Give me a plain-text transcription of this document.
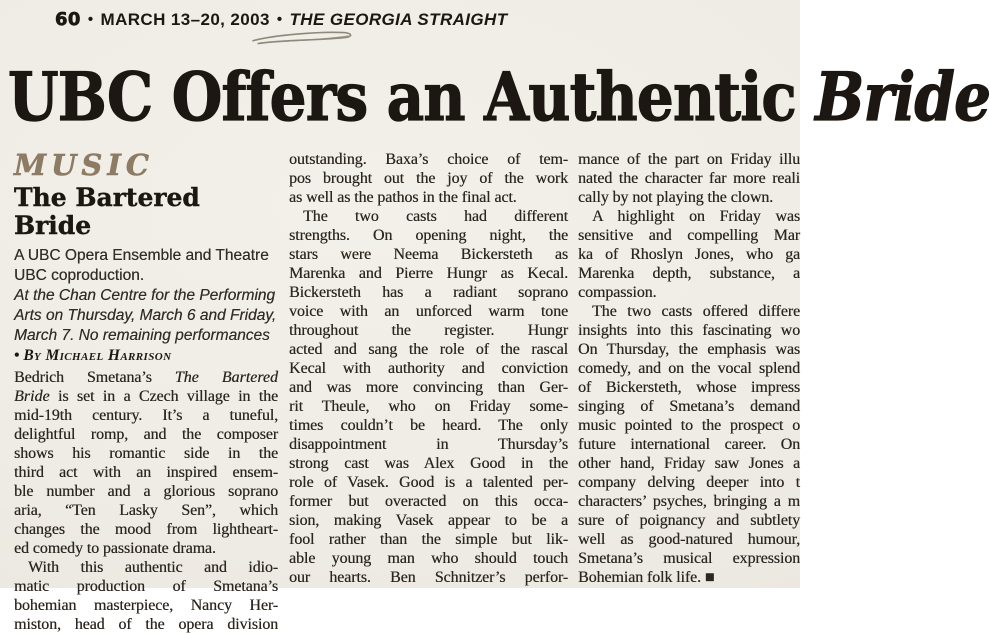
60 • MARCH 13–20, 2003 • THE GEORGIA STRAIGHT
UBC Offers an Authentic Bride
MUSIC
The Bartered Bride
A UBC Opera Ensemble and Theatre
UBC coproduction.
At the Chan Centre for the Performing
Arts on Thursday, March 6 and Friday,
March 7. No remaining performances
• By Michael Harrison
Bedrich Smetana’s The Bartered
Bride is set in a Czech village in the
mid-19th century. It’s a tuneful,
delightful romp, and the composer
shows his romantic side in the
third act with an inspired ensem-
ble number and a glorious soprano
aria, “Ten Lasky Sen”, which
changes the mood from lightheart-
ed comedy to passionate drama.
With this authentic and idio-
matic production of Smetana’s
bohemian masterpiece, Nancy Her-
miston, head of the opera division
outstanding. Baxa’s choice of tem-
pos brought out the joy of the work
as well as the pathos in the final act.
The two casts had different
strengths. On opening night, the
stars were Neema Bickersteth as
Marenka and Pierre Hungr as Kecal.
Bickersteth has a radiant soprano
voice with an unforced warm tone
throughout the register. Hungr
acted and sang the role of the rascal
Kecal with authority and conviction
and was more convincing than Ger-
rit Theule, who on Friday some-
times couldn’t be heard. The only
disappointment in Thursday’s
strong cast was Alex Good in the
role of Vasek. Good is a talented per-
former but overacted on this occa-
sion, making Vasek appear to be a
fool rather than the simple but lik-
able young man who should touch
our hearts. Ben Schnitzer’s perfor-
mance of the part on Friday illu
nated the character far more reali
cally by not playing the clown.
A highlight on Friday was
sensitive and compelling Mar
ka of Rhoslyn Jones, who ga
Marenka depth, substance, a
compassion.
The two casts offered differe
insights into this fascinating wo
On Thursday, the emphasis was
comedy, and on the vocal splend
of Bickersteth, whose impress
singing of Smetana’s demand
music pointed to the prospect o
future international career. On
other hand, Friday saw Jones a
company delving deeper into t
characters’ psyches, bringing a m
sure of poignancy and subtlety
well as good-natured humour,
Smetana’s musical expression
Bohemian folk life. ■
